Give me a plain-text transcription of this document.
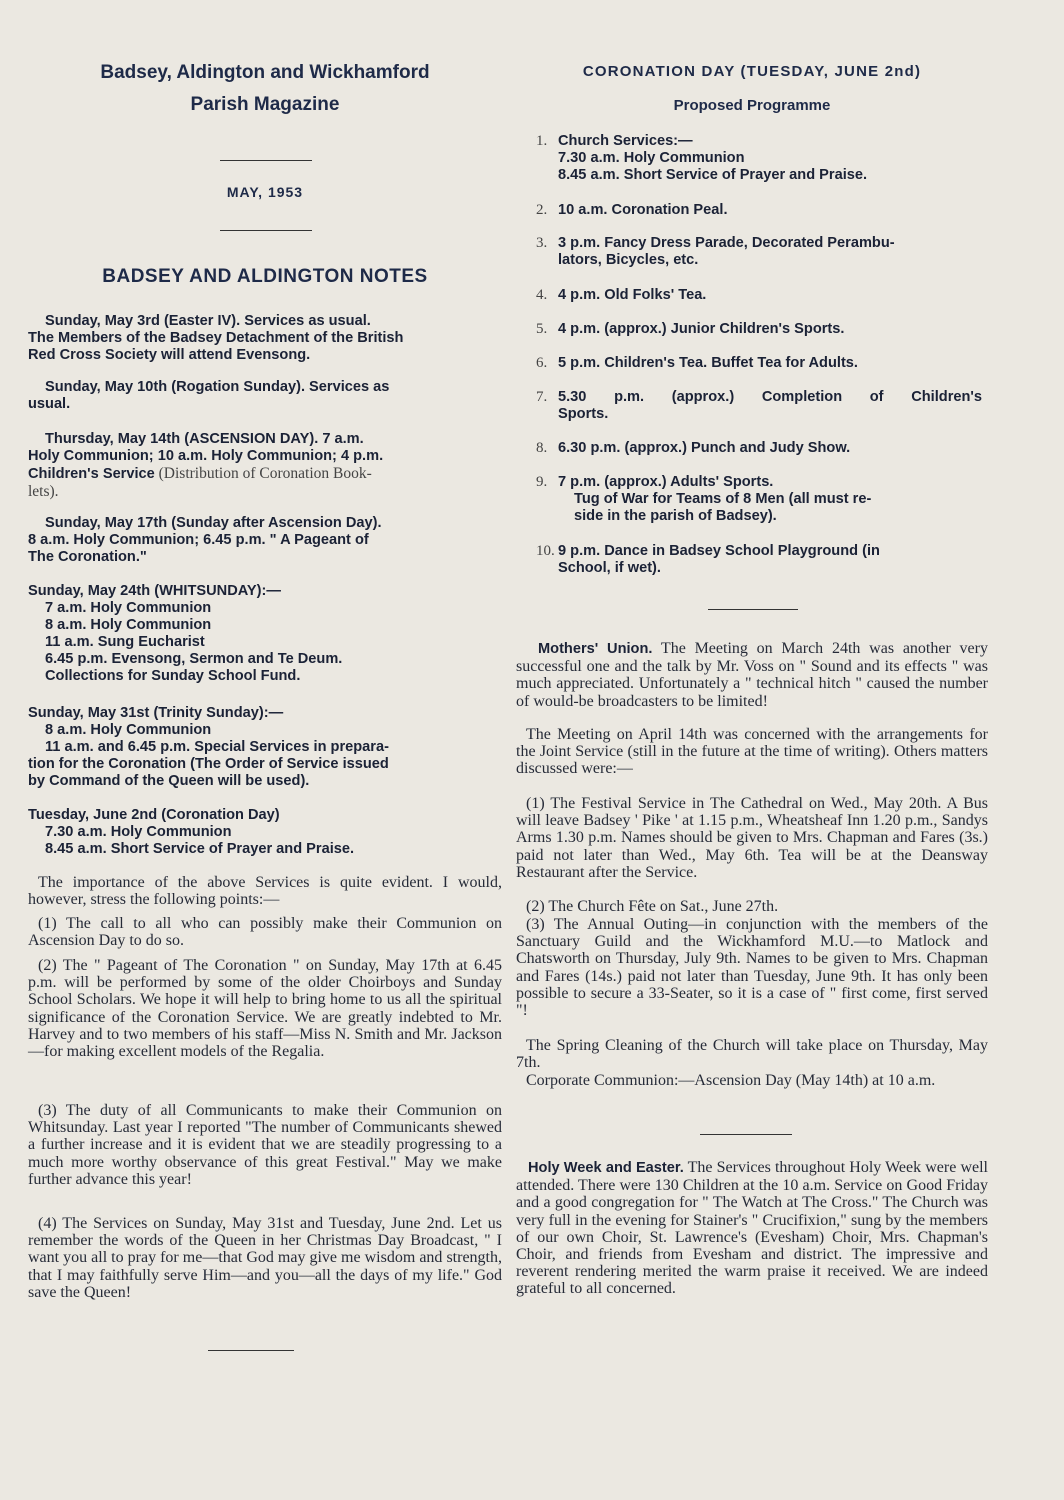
Badsey, Aldington and Wickhamford
Parish Magazine
MAY, 1953
BADSEY AND ALDINGTON NOTES
Sunday, May 3rd (Easter IV). Services as usual.
The Members of the Badsey Detachment of the British
Red Cross Society will attend Evensong.
Sunday, May 10th (Rogation Sunday). Services as
usual.
Thursday, May 14th (ASCENSION DAY). 7 a.m.
Holy Communion; 10 a.m. Holy Communion; 4 p.m.
Children's Service (Distribution of Coronation Book-
lets).
Sunday, May 17th (Sunday after Ascension Day).
8 a.m. Holy Communion; 6.45 p.m. " A Pageant of
The Coronation."
Sunday, May 24th (WHITSUNDAY):—
7 a.m. Holy Communion
8 a.m. Holy Communion
11 a.m. Sung Eucharist
6.45 p.m. Evensong, Sermon and Te Deum.
Collections for Sunday School Fund.
Sunday, May 31st (Trinity Sunday):—
8 a.m. Holy Communion
11 a.m. and 6.45 p.m. Special Services in prepara-
tion for the Coronation (The Order of Service issued
by Command of the Queen will be used).
Tuesday, June 2nd (Coronation Day)
7.30 a.m. Holy Communion
8.45 a.m. Short Service of Prayer and Praise.

The importance of the above Services is quite evident. I would, however, stress the following points:—

(1) The call to all who can possibly make their Communion on Ascension Day to do so.

(2) The " Pageant of The Coronation " on Sunday, May 17th at 6.45 p.m. will be performed by some of the older Choirboys and Sunday School Scholars. We hope it will help to bring home to us all the spiritual significance of the Coronation Service. We are greatly indebted to Mr. Harvey and to two members of his staff—Miss N. Smith and Mr. Jackson—for making excellent models of the Regalia.

(3) The duty of all Communicants to make their Communion on Whitsunday. Last year I reported "The number of Communicants shewed a further increase and it is evident that we are steadily progressing to a much more worthy observance of this great Festival." May we make further advance this year!

(4) The Services on Sunday, May 31st and Tuesday, June 2nd. Let us remember the words of the Queen in her Christmas Day Broadcast, " I want you all to pray for me—that God may give me wisdom and strength, that I may faithfully serve Him—and you—all the days of my life." God save the Queen!

CORONATION DAY (TUESDAY, JUNE 2nd)
Proposed Programme
1. Church Services:—
7.30 a.m. Holy Communion
8.45 a.m. Short Service of Prayer and Praise.
2. 10 a.m. Coronation Peal.
3. 3 p.m. Fancy Dress Parade, Decorated Perambu-
lators, Bicycles, etc.
4. 4 p.m. Old Folks' Tea.
5. 4 p.m. (approx.) Junior Children's Sports.
6. 5 p.m. Children's Tea. Buffet Tea for Adults.
7. 5.30 p.m. (approx.) Completion of Children's
Sports.
8. 6.30 p.m. (approx.) Punch and Judy Show.
9. 7 p.m. (approx.) Adults' Sports.
Tug of War for Teams of 8 Men (all must re-
side in the parish of Badsey).
10. 9 p.m. Dance in Badsey School Playground (in
School, if wet).

Mothers' Union. The Meeting on March 24th was another very successful one and the talk by Mr. Voss on " Sound and its effects " was much appreciated. Unfortunately a " technical hitch " caused the number of would-be broadcasters to be limited!

The Meeting on April 14th was concerned with the arrangements for the Joint Service (still in the future at the time of writing). Others matters discussed were:—

(1) The Festival Service in The Cathedral on Wed., May 20th. A Bus will leave Badsey ' Pike ' at 1.15 p.m., Wheatsheaf Inn 1.20 p.m., Sandys Arms 1.30 p.m. Names should be given to Mrs. Chapman and Fares (3s.) paid not later than Wed., May 6th. Tea will be at the Deansway Restaurant after the Service.

(2) The Church Fête on Sat., June 27th.

(3) The Annual Outing—in conjunction with the members of the Sanctuary Guild and the Wickhamford M.U.—to Matlock and Chatsworth on Thursday, July 9th. Names to be given to Mrs. Chapman and Fares (14s.) paid not later than Tuesday, June 9th. It has only been possible to secure a 33-Seater, so it is a case of " first come, first served "!

The Spring Cleaning of the Church will take place on Thursday, May 7th.

Corporate Communion:—Ascension Day (May 14th) at 10 a.m.

Holy Week and Easter. The Services throughout Holy Week were well attended. There were 130 Children at the 10 a.m. Service on Good Friday and a good congregation for " The Watch at The Cross." The Church was very full in the evening for Stainer's " Crucifixion," sung by the members of our own Choir, St. Lawrence's (Evesham) Choir, Mrs. Chapman's Choir, and friends from Evesham and district. The impressive and reverent rendering merited the warm praise it received. We are indeed grateful to all concerned.
